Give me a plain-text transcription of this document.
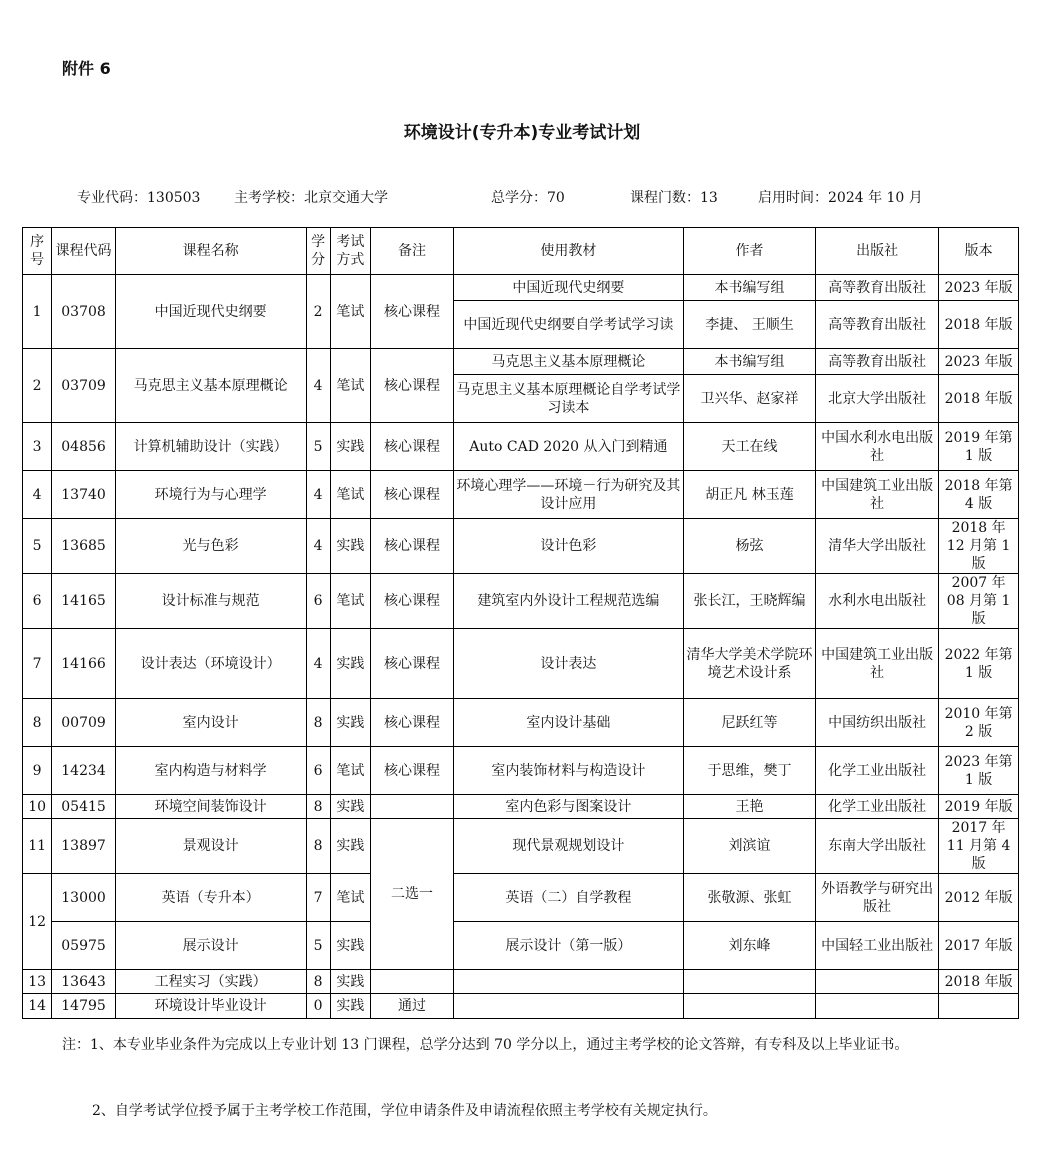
附件 6
环境设计(专升本)专业考试计划
专业代码：130503 主考学校：北京交通大学	总学分：70	课程门数：13	启用时间：2024 年 10 月
序号	课程代码	课程名称	学分	考试方式	备注	使用教材	作者	出版社	版本
1	03708	中国近现代史纲要	2	笔试	核心课程	中国近现代史纲要	本书编写组	高等教育出版社	2023 年版
						中国近现代史纲要自学考试学习读	李捷、 王顺生	高等教育出版社	2018 年版
2	03709	马克思主义基本原理概论	4	笔试	核心课程	马克思主义基本原理概论	本书编写组	高等教育出版社	2023 年版
						马克思主义基本原理概论自学考试学习读本	卫兴华、赵家祥	北京大学出版社	2018 年版
3	04856	计算机辅助设计（实践）	5	实践	核心课程	Auto CAD 2020 从入门到精通	天工在线	中国水利水电出版社	2019 年第 1 版
4	13740	环境行为与心理学	4	笔试	核心课程	环境心理学——环境－行为研究及其设计应用	胡正凡 林玉莲	中国建筑工业出版社	2018 年第 4 版
5	13685	光与色彩	4	实践	核心课程	设计色彩	杨弦	清华大学出版社	2018 年 12 月第 1 版
6	14165	设计标准与规范	6	笔试	核心课程	建筑室内外设计工程规范选编	张长江，王晓辉编	水利水电出版社	2007 年 08 月第 1 版
7	14166	设计表达（环境设计）	4	实践	核心课程	设计表达	清华大学美术学院环境艺术设计系	中国建筑工业出版社	2022 年第 1 版
8	00709	室内设计	8	实践	核心课程	室内设计基础	尼跃红等	中国纺织出版社	2010 年第 2 版
9	14234	室内构造与材料学	6	笔试	核心课程	室内装饰材料与构造设计	于思维，樊丁	化学工业出版社	2023 年第 1 版
10	05415	环境空间装饰设计	8	实践		室内色彩与图案设计	王艳	化学工业出版社	2019 年版
11	13897	景观设计	8	实践	二选一	现代景观规划设计	刘滨谊	东南大学出版社	2017 年 11 月第 4 版
12	13000	英语（专升本）	7	笔试		英语（二）自学教程	张敬源、张虹	外语教学与研究出版社	2012 年版
	05975	展示设计	5	实践		展示设计（第一版）	刘东峰	中国轻工业出版社	2017 年版
13	13643	工程实习（实践）	8	实践					2018 年版
14	14795	环境设计毕业设计	0	实践	通过				
注：1、本专业毕业条件为完成以上专业计划 13 门课程，总学分达到 70 学分以上，通过主考学校的论文答辩，有专科及以上毕业证书。
2、自学考试学位授予属于主考学校工作范围，学位申请条件及申请流程依照主考学校有关规定执行。
